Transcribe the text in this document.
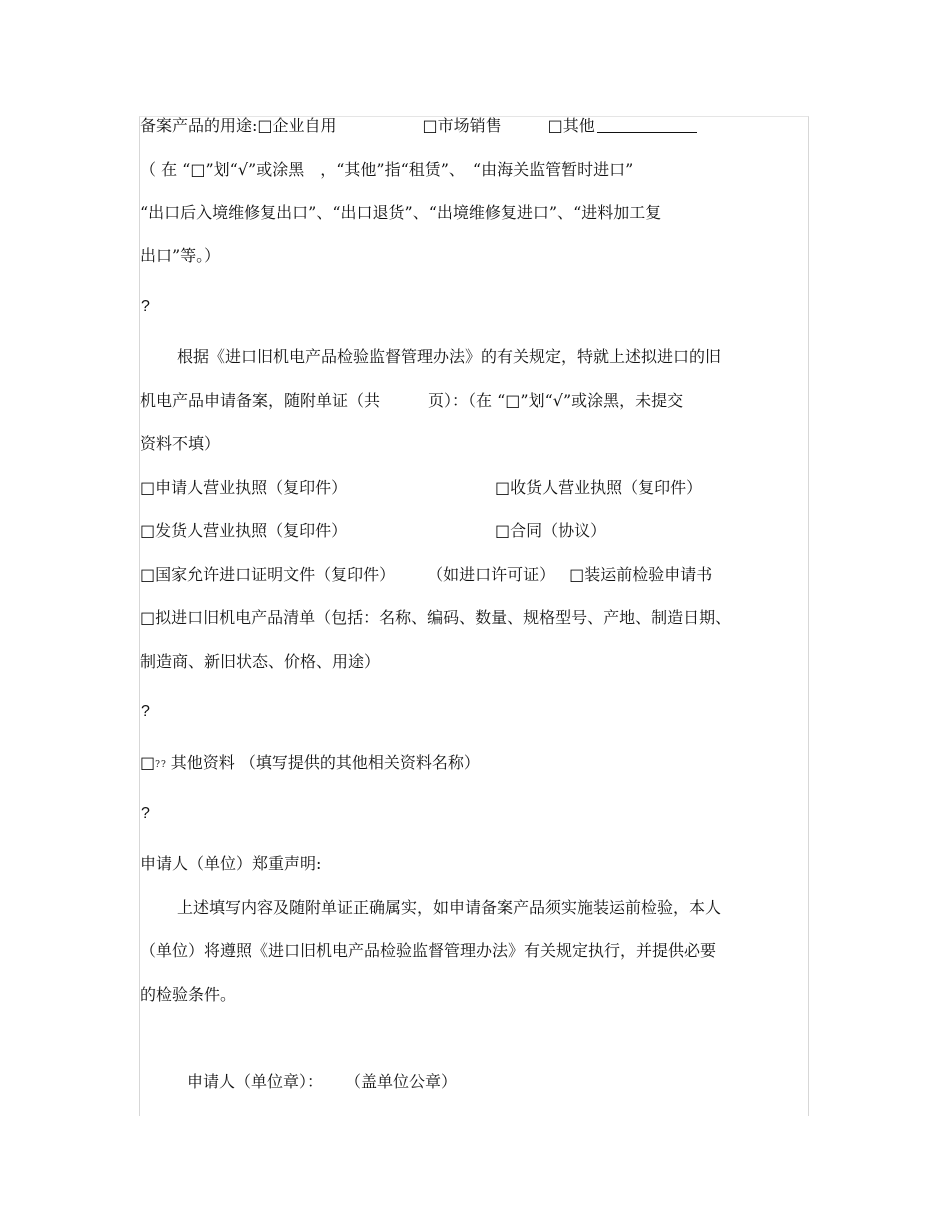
备案产品的用途:□企业自用	□市场销售	□其他
（ 在 “□”划“√”或涂黑　，“其他”指“租赁”、　“由海关监管暂时进口”
“出口后入境维修复出口”、“出口退货”、“出境维修复进口”、“进料加工复
出口”等。）
?
根据《进口旧机电产品检验监督管理办法》的有关规定，特就上述拟进口的旧
机电产品申请备案，随附单证（共　　　页）：（在 “□”划“√”或涂黑，未提交
资料不填）
□申请人营业执照（复印件）	□收货人营业执照（复印件）
□发货人营业执照（复印件）	□合同（协议）
□国家允许进口证明文件（复印件） （如进口许可证） □装运前检验申请书
□拟进口旧机电产品清单（包括：名称、编码、数量、规格型号、产地、制造日期、
制造商、新旧状态、价格、用途）
?
□?? 其他资料 （填写提供的其他相关资料名称）
?
申请人（单位）郑重声明:
上述填写内容及随附单证正确属实，如申请备案产品须实施装运前检验，本人
（单位）将遵照《进口旧机电产品检验监督管理办法》有关规定执行，并提供必要
的检验条件。
申请人（单位章）： （盖单位公章）
